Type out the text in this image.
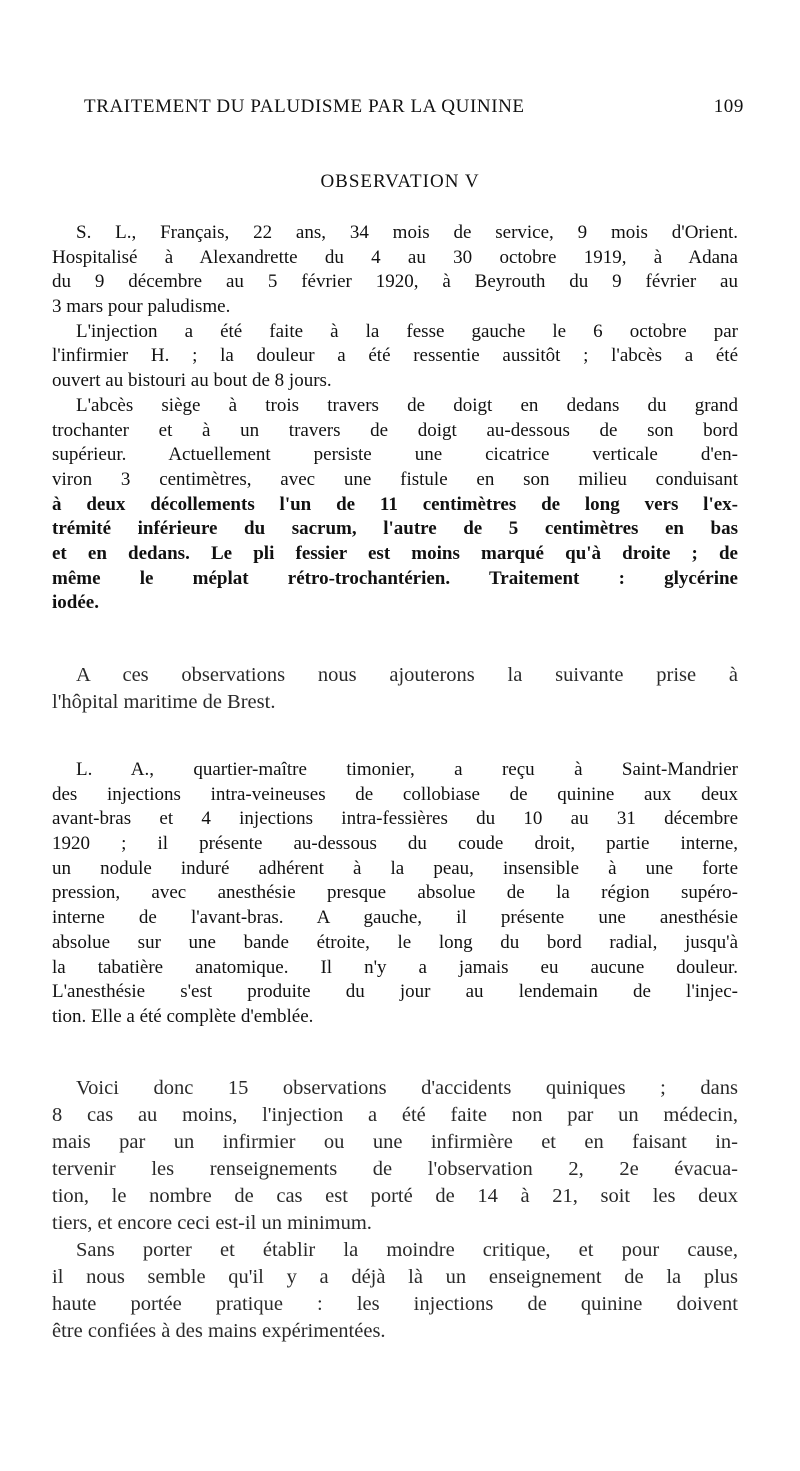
TRAITEMENT DU PALUDISME PAR LA QUININE	109
OBSERVATION V
S. L., Français, 22 ans, 34 mois de service, 9 mois d'Orient.
Hospitalisé à Alexandrette du 4 au 30 octobre 1919, à Adana
du 9 décembre au 5 février 1920, à Beyrouth du 9 février au
3 mars pour paludisme.
L'injection a été faite à la fesse gauche le 6 octobre par
l'infirmier H. ; la douleur a été ressentie aussitôt ; l'abcès a été
ouvert au bistouri au bout de 8 jours.
L'abcès siège à trois travers de doigt en dedans du grand
trochanter et à un travers de doigt au-dessous de son bord
supérieur. Actuellement persiste une cicatrice verticale d'en-
viron 3 centimètres, avec une fistule en son milieu conduisant
à deux décollements l'un de 11 centimètres de long vers l'ex-
trémité inférieure du sacrum, l'autre de 5 centimètres en bas
et en dedans. Le pli fessier est moins marqué qu'à droite ; de
même le méplat rétro-trochantérien. Traitement : glycérine
iodée.
A ces observations nous ajouterons la suivante prise à
l'hôpital maritime de Brest.
L. A., quartier-maître timonier, a reçu à Saint-Mandrier
des injections intra-veineuses de collobiase de quinine aux deux
avant-bras et 4 injections intra-fessières du 10 au 31 décembre
1920 ; il présente au-dessous du coude droit, partie interne,
un nodule induré adhérent à la peau, insensible à une forte
pression, avec anesthésie presque absolue de la région supéro-
interne de l'avant-bras. A gauche, il présente une anesthésie
absolue sur une bande étroite, le long du bord radial, jusqu'à
la tabatière anatomique. Il n'y a jamais eu aucune douleur.
L'anesthésie s'est produite du jour au lendemain de l'injec-
tion. Elle a été complète d'emblée.
Voici donc 15 observations d'accidents quiniques ; dans
8 cas au moins, l'injection a été faite non par un médecin,
mais par un infirmier ou une infirmière et en faisant in-
tervenir les renseignements de l'observation 2, 2e évacua-
tion, le nombre de cas est porté de 14 à 21, soit les deux
tiers, et encore ceci est-il un minimum.
Sans porter et établir la moindre critique, et pour cause,
il nous semble qu'il y a déjà là un enseignement de la plus
haute portée pratique : les injections de quinine doivent
être confiées à des mains expérimentées.
